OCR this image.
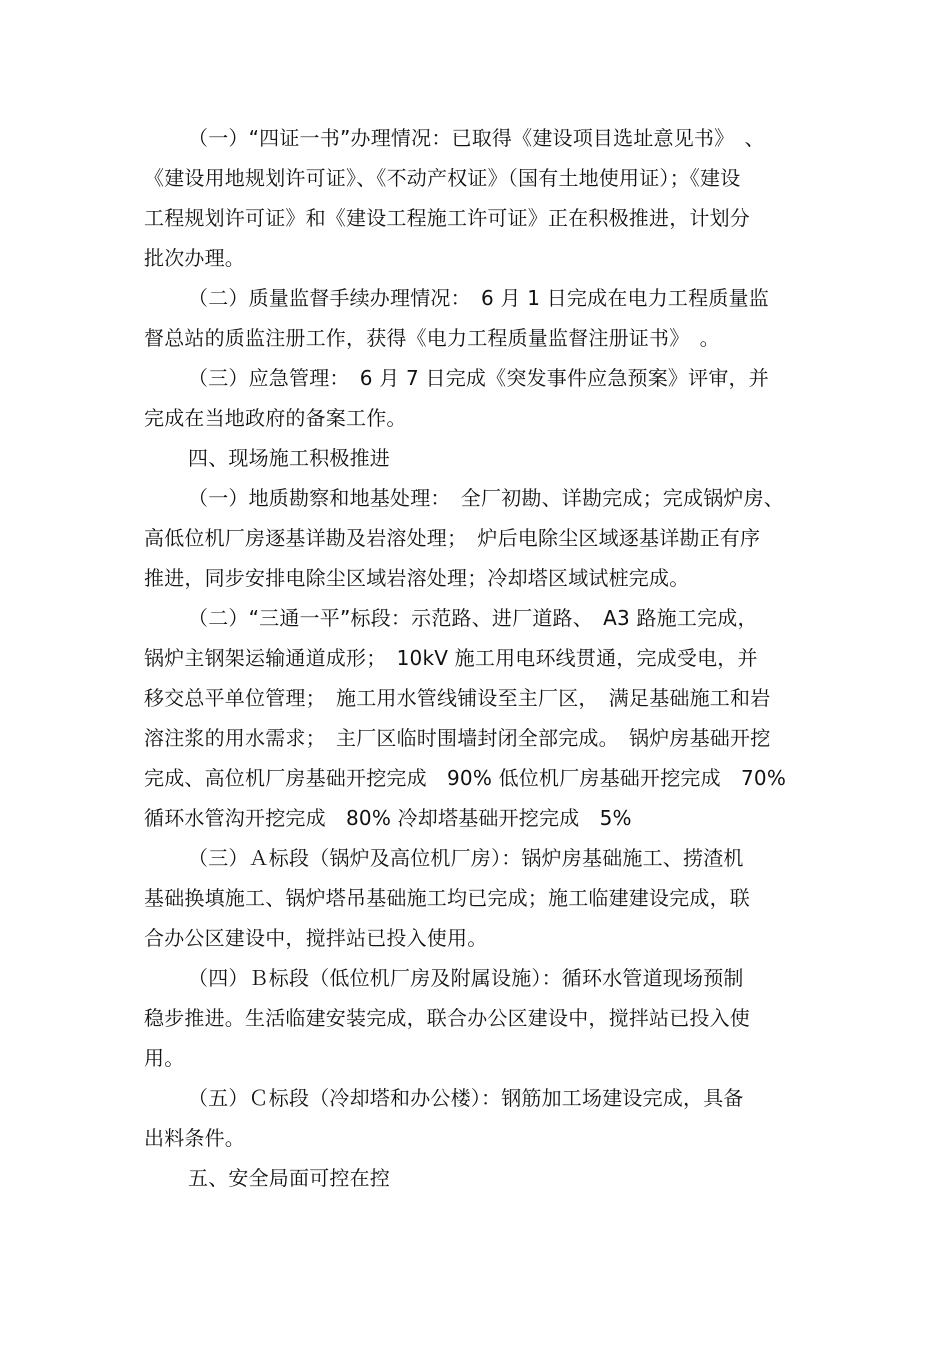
（一）“四证一书”办理情况：已取得《建设项目选址意见书》　、
《建设用地规划许可证》、《不动产权证》（国有土地使用证）；《建设
工程规划许可证》和《建设工程施工许可证》正在积极推进，计划分
批次办理。
（二）质量监督手续办理情况：　6 月 1 日完成在电力工程质量监
督总站的质监注册工作，获得《电力工程质量监督注册证书》　。
（三）应急管理：　6 月 7 日完成《突发事件应急预案》评审，并
完成在当地政府的备案工作。
四、现场施工积极推进
（一）地质勘察和地基处理：　全厂初勘、详勘完成；完成锅炉房、
高低位机厂房逐基详勘及岩溶处理；　炉后电除尘区域逐基详勘正有序
推进，同步安排电除尘区域岩溶处理；冷却塔区域试桩完成。
（二）“三通一平”标段：示范路、进厂道路、　A3 路施工完成，
锅炉主钢架运输通道成形；　10kV 施工用电环线贯通，完成受电，并
移交总平单位管理；　施工用水管线铺设至主厂区，　满足基础施工和岩
溶注浆的用水需求；　主厂区临时围墙封闭全部完成。　锅炉房基础开挖
完成、高位机厂房基础开挖完成　90% 低位机厂房基础开挖完成　70%
循环水管沟开挖完成　80% 冷却塔基础开挖完成　5%
（三）Ａ标段（锅炉及高位机厂房）：锅炉房基础施工、捞渣机
基础换填施工、锅炉塔吊基础施工均已完成；施工临建建设完成，联
合办公区建设中，搅拌站已投入使用。
（四）Ｂ标段（低位机厂房及附属设施）：循环水管道现场预制
稳步推进。生活临建安装完成，联合办公区建设中，搅拌站已投入使
用。
（五）Ｃ标段（冷却塔和办公楼）：钢筋加工场建设完成，具备
出料条件。
五、安全局面可控在控
